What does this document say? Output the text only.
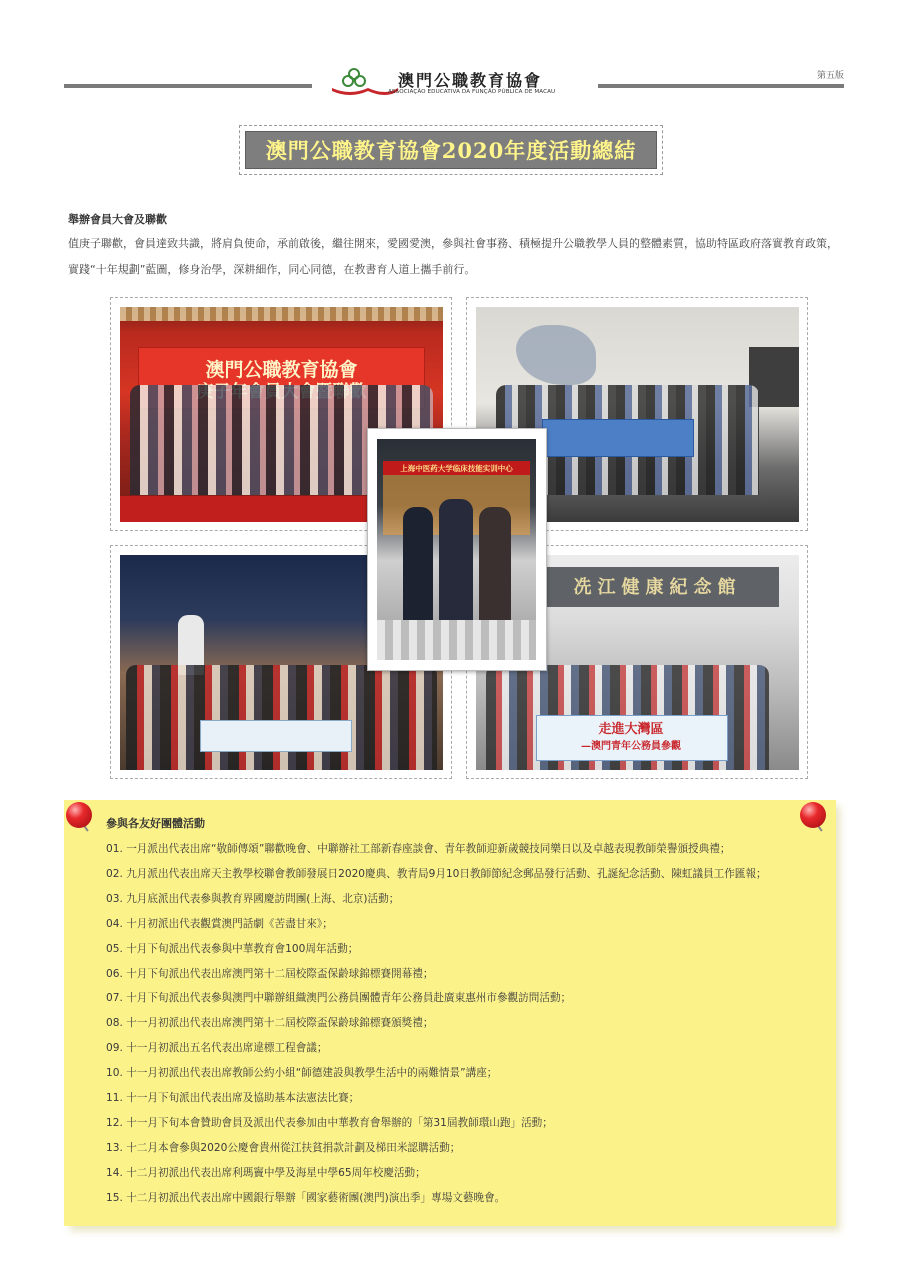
澳門公職教育協會
ASSOCIAÇÃO EDUCATIVA DA FUNÇÃO PÚBLICA DE MACAU
第五版
澳門公職教育協會2020年度活動總結
舉辦會員大會及聯歡
值庚子聯歡，會員達致共識，將肩負使命，承前啟後，繼往開來，愛國愛澳，參與社會事務、積極提升公職教學人員的整體素質，協助特區政府落實教育政策，實踐“十年規劃”藍圖，修身治學，深耕細作，同心同德，在教書育人道上攜手前行。
澳門公職教育協會
冼江健康紀念館
走進大灣區
—澳門青年公務員參觀
上海中医药大学临床技能实训中心
參與各友好團體活動
01. 一月派出代表出席“敬師傳頌”聯歡晚會、中聯辦社工部新春座談會、青年教師迎新歲競技同樂日以及卓越表現教師榮譽頒授典禮；
02. 九月派出代表出席天主教學校聯會教師發展日2020慶典、教青局9月10日教師節紀念郵品發行活動、孔誕紀念活動、陳虹議員工作匯報；
03. 九月底派出代表參與教育界國慶訪問團(上海、北京)活動；
04. 十月初派出代表觀賞澳門話劇《苦盡甘來》；
05. 十月下旬派出代表參與中華教育會100周年活動；
06. 十月下旬派出代表出席澳門第十二屆校際盃保齡球錦標賽開幕禮；
07. 十月下旬派出代表參與澳門中聯辦組織澳門公務員團體青年公務員赴廣東惠州市參觀訪問活動；
08. 十一月初派出代表出席澳門第十二屆校際盃保齡球錦標賽頒獎禮；
09. 十一月初派出五名代表出席違標工程會議；
10. 十一月初派出代表出席教師公約小組“師德建設與教學生活中的兩難情景”講座；
11. 十一月下旬派出代表出席及協助基本法憲法比賽；
12. 十一月下旬本會贊助會員及派出代表參加由中華教育會舉辦的「第31屆教師環山跑」活動；
13. 十二月本會參與2020公慶會貴州從江扶貧捐款計劃及梯田米認購活動；
14. 十二月初派出代表出席利瑪竇中學及海星中學65周年校慶活動；
15. 十二月初派出代表出席中國銀行舉辦「國家藝術團(澳門)演出季」專場文藝晚會。
